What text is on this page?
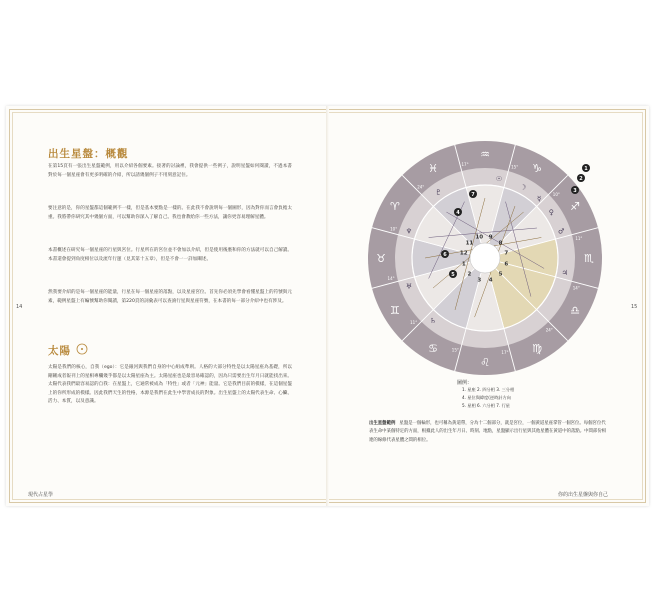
出生星盤：概觀

在第15頁有一張出生星盤範例，用以介紹各個要素。接著的討論裡，我會提供一些例子，說明星盤如何閱讀，不過本書對於每一個星座會有更多明確的介紹，所以請幾個例子不用刻意記住。

要注意的是，你的星盤都這個範例不一樣，但是基本要點是一樣的。在此我不會說明每一個圖形，因為對你而言會負擔太重。我將帶你研究其中幾個方面，可以幫助你深入了解自己。我也會教給你一些方法，讓你更容易理解星體。

本書概述在研究每一個星座的行星與宮位。行星所在的宮位並不會加以介紹，但是使用後裏和你的方法就可以自己解讀。本書還會提到角度相位以及流年行運（見其第十五章），但是不會一一詳加闡述。

然我要介紹的是每一個星座的能量，行星在每一個星座的落點，以及星座宮位。首先你必須先學會看懂星盤上的符號與元素，範例星盤上有編號幫助你閱讀，第220頁的詞彙表可以查詢行星與星座符號，在本書的每一部分介紹中也有涉及。

太陽

太陽是我們的核心，自我（ego）：它是銀河與我們自身的中心組成準則。人格的大部分特性是以太陽星座為基礎，所以剛剛成者報刊上的星相專欄幾乎都是以太陽星座為主。太陽星座也是最容易確認的，因為只需要出生年月日就能找出來。太陽代表我們最容易認的自我：在星盤上，它通常被成為「特性」或者「元神」能量。它是我們目前的模樣，在這個星盤上的你所形成的模樣。因此我們天生的性格，本源是我們在此生中學習成長的對象。出生星盤上的太陽代表生命、心臟、活力、本質，以及意識。

14
現代占星學
♒
♑
♐
♏
♎
♍
♌
♋
♊
♉
♈
♓
☉
☽
☿
♀
♂
♃
♄
♅
♆
♇
1
2
3 4
5
6
7
8
9
10
11
12
17°
15°
10°
11°
14°
24°
17°
15°
11°
14°
10°
24°
1
2
3
4
5
6
7
圖例：
1. 星座 2. 四分相 3. 三分相
4. 星位與緯度(逆時針方向
5. 星相 6. 六分相 7. 行星

出生星盤範例 星盤是一個輪形，也可稱為黃道帶，分為十二個部分，就是宮位，一個黃道星座掌管一個宮位。每個宮位代表生命中某個特定的方面，根據此人的出生年月日、時刻、地點，星盤顯示出行星與其他星體在黃道中的落點。中間部份相連的線條代表星體之間的相位。

15
你的出生星盤與你自己
